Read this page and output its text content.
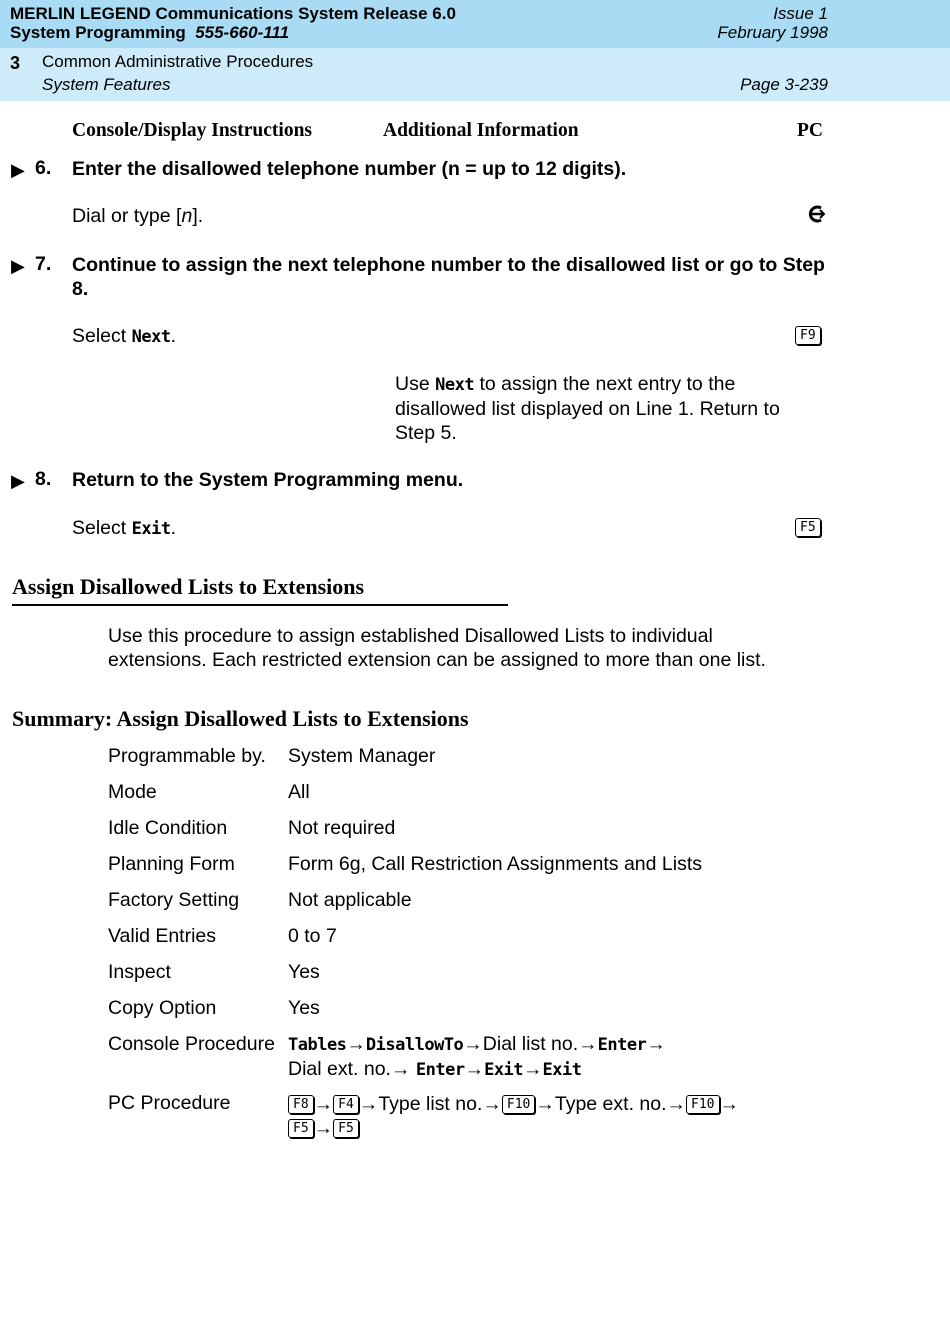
MERLIN LEGEND Communications System Release 6.0
System Programming 555-660-111
Issue 1
February 1998
3 Common Administrative Procedures
System Features	Page 3-239
Console/Display Instructions	Additional Information	PC
▶ 6. Enter the disallowed telephone number (n = up to 12 digits).
Dial or type [n].
▶ 7. Continue to assign the next telephone number to the disallowed list or go to Step 8.
Select Next.	F9
Use Next to assign the next entry to the
disallowed list displayed on Line 1. Return to
Step 5.
▶ 8. Return to the System Programming menu.
Select Exit.	F5
Assign Disallowed Lists to Extensions
Use this procedure to assign established Disallowed Lists to individual
extensions. Each restricted extension can be assigned to more than one list.
Summary: Assign Disallowed Lists to Extensions
Programmable by. System Manager
Mode	All
Idle Condition	Not required
Planning Form	Form 6g, Call Restriction Assignments and Lists
Factory Setting	Not applicable
Valid Entries	0 to 7
Inspect	Yes
Copy Option	Yes
Console Procedure Tables→DisallowTo→Dial list no.→Enter→
Dial ext. no.→ Enter→Exit→Exit
PC Procedure	F8 → F4 →Type list no.→ F10 →Type ext. no.→ F10 →
F5 → F5
